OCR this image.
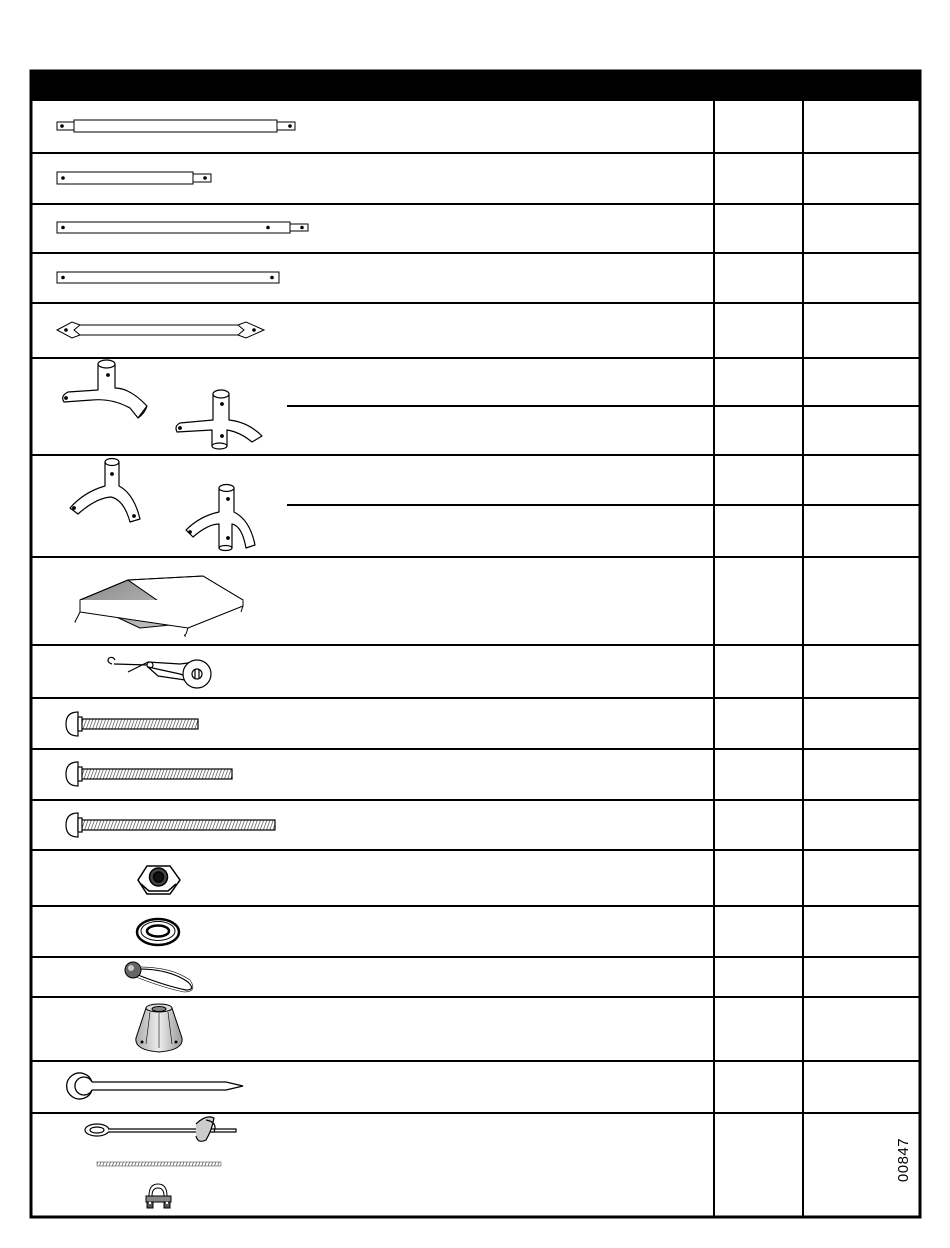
00847
